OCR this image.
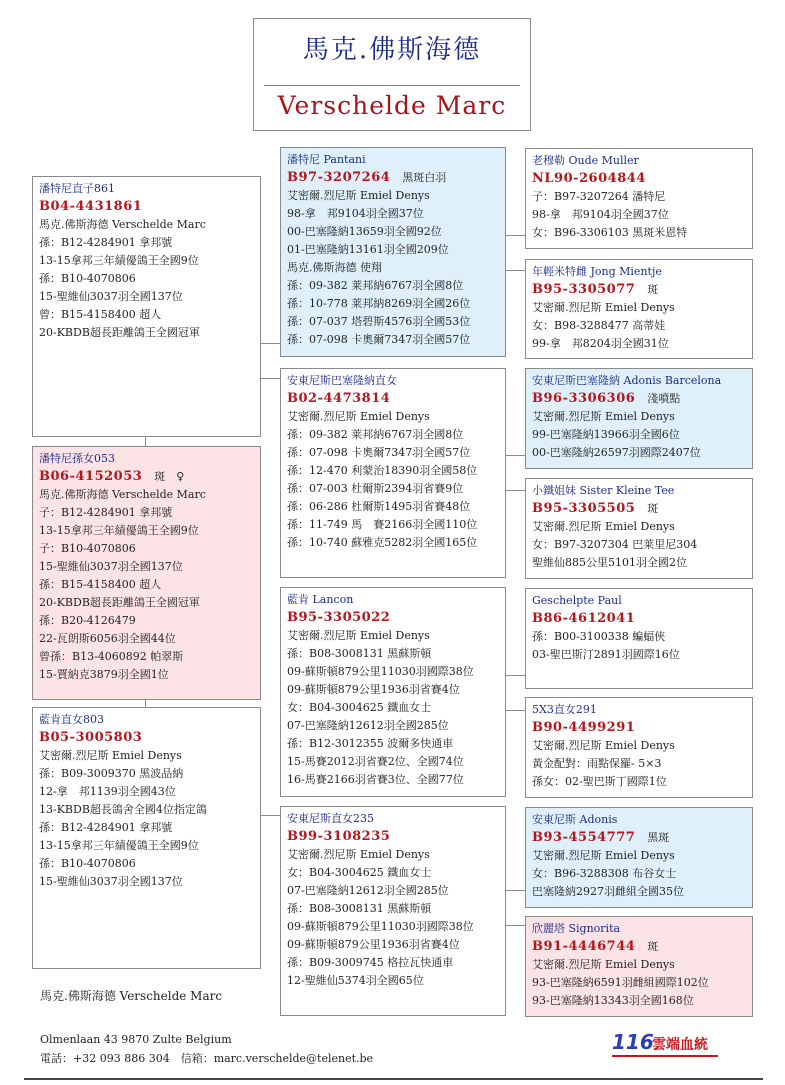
馬克.佛斯海德
Verschelde Marc
潘特尼直子861
B04-4431861
馬克.佛斯海德 Verschelde Marc
孫：B12-4284901 拿邦號
13-15拿邦三年績優鴿王全國9位
孫：B10-4070806
15-聖維仙3037羽全國137位
曾：B15-4158400 超人
20-KBDB超長距離鴿王全國冠軍
潘特尼孫女053
B06-4152053 斑　♀
馬克.佛斯海德 Verschelde Marc
子：B12-4284901 拿邦號
13-15拿邦三年績優鴿王全國9位
子：B10-4070806
15-聖維仙3037羽全國137位
孫：B15-4158400 超人
20-KBDB超長距離鴿王全國冠軍
孫：B20-4126479
22-瓦朗斯6056羽全國44位
曾孫：B13-4060892 帕翠斯
15-賈納克3879羽全國1位
藍肯直女803
B05-3005803
艾密爾.烈尼斯 Emiel Denys
孫：B09-3009370 黑波品納
12-拿　邦1139羽全國43位
13-KBDB超長鴿舍全國4位指定鴿
孫：B12-4284901 拿邦號
13-15拿邦三年績優鴿王全國9位
孫：B10-4070806
15-聖維仙3037羽全國137位
潘特尼 Pantani
B97-3207264 黑斑白羽
艾密爾.烈尼斯 Emiel Denys
98-拿　邦9104羽全國37位
00-巴塞隆納13659羽全國92位
01-巴塞隆納13161羽全國209位
馬克.佛斯海德 使翔
孫：09-382 莱邦納6767羽全國8位
孫：10-778 莱邦納8269羽全國26位
孫：07-037 塔碧斯4576羽全國53位
孫：07-098 卡奧爾7347羽全國57位
安東尼斯巴塞隆納直女
B02-4473814
艾密爾.烈尼斯 Emiel Denys
孫：09-382 莱邦納6767羽全國8位
孫：07-098 卡奧爾7347羽全國57位
孫：12-470 利蒙治18390羽全國58位
孫：07-003 杜爾斯2394羽省賽9位
孫：06-286 杜爾斯1495羽省賽48位
孫：11-749 馬　賽2166羽全國110位
孫：10-740 蘇雅克5282羽全國165位
藍肯 Lancon
B95-3305022
艾密爾.烈尼斯 Emiel Denys
孫：B08-3008131 黑蘇斯頓
09-蘇斯頓879公里11030羽國際38位
09-蘇斯頓879公里1936羽省賽4位
女：B04-3004625 鐵血女士
07-巴塞隆納12612羽全國285位
孫：B12-3012355 波爾多快通車
15-馬賽2012羽省賽2位、全國74位
16-馬賽2166羽省賽3位、全國77位
安東尼斯直女235
B99-3108235
艾密爾.烈尼斯 Emiel Denys
女：B04-3004625 鐵血女士
07-巴塞隆納12612羽全國285位
孫：B08-3008131 黑蘇斯頓
09-蘇斯頓879公里11030羽國際38位
09-蘇斯頓879公里1936羽省賽4位
孫：B09-3009745 格拉瓦快通車
12-聖維仙5374羽全國65位
老穆勒 Oude Muller
NL90-2604844
子：B97-3207264 潘特尼
98-拿　邦9104羽全國37位
女：B96-3306103 黑斑米恩特
年輕米特雌 Jong Mientje
B95-3305077 斑
艾密爾.烈尼斯 Emiel Denys
女：B98-3288477 高蒂娃
99-拿　邦8204羽全國31位
安東尼斯巴塞隆納 Adonis Barcelona
B96-3306306 淺噴點
艾密爾.烈尼斯 Emiel Denys
99-巴塞隆納13966羽全國6位
00-巴塞隆納26597羽國際2407位
小鐵姐妹 Sister Kleine Tee
B95-3305505 斑
艾密爾.烈尼斯 Emiel Denys
女：B97-3207304 巴莱里尼304
聖維仙885公里5101羽全國2位
Geschelpte Paul
B86-4612041
孫：B00-3100338 蝙蝠俠
03-聖巴斯汀2891羽國際16位
5X3直女291
B90-4499291
艾密爾.烈尼斯 Emiel Denys
黃金配對：雨點保羅- 5×3
孫女：02-聖巴斯丁國際1位
安東尼斯 Adonis
B93-4554777 黑斑
艾密爾.烈尼斯 Emiel Denys
女：B96-3288308 布谷女士
巴塞隆納2927羽雌組全國35位
欣麗塔 Signorita
B91-4446744 斑
艾密爾.烈尼斯 Emiel Denys
93-巴塞隆納6591羽雌組國際102位
93-巴塞隆納13343羽全國168位
馬克.佛斯海德 Verschelde Marc
Olmenlaan 43 9870 Zulte Belgium
電話：+32 093 886 304　信箱：marc.verschelde@telenet.be
116
雲端血統
